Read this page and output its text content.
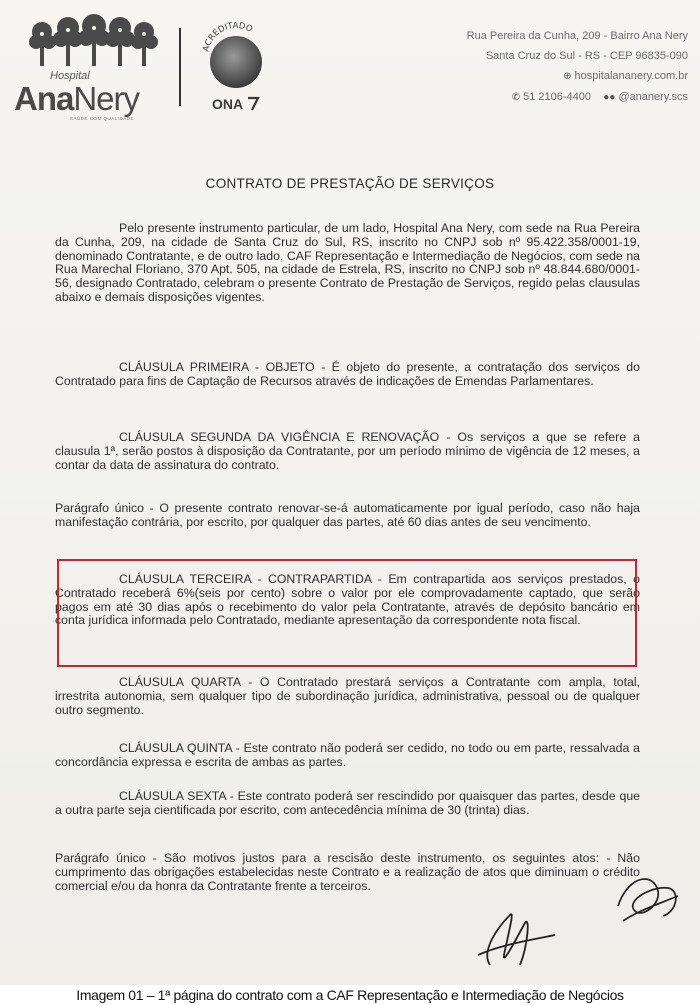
Hospital
AnaNery
SAÚDE COM QUALIDADE
ACREDITADO
ONA
Rua Pereira da Cunha, 209 - Bairro Ana Nery
Santa Cruz do Sul - RS - CEP 96835-090
⊕ hospitalananery.com.br
✆ 51 2106-4400 ●● @ananery.scs
CONTRATO DE PRESTAÇÃO DE SERVIÇOS
Pelo presente instrumento particular, de um lado, Hospital Ana Nery, com sede na Rua Pereira da Cunha, 209, na cidade de Santa Cruz do Sul, RS, inscrito no CNPJ sob nº 95.422.358/0001-19, denominado Contratante, e de outro lado, CAF Representação e Intermediação de Negócios, com sede na Rua Marechal Floriano, 370 Apt. 505, na cidade de Estrela, RS, inscrito no CNPJ sob nº 48.844.680/0001-56, designado Contratado, celebram o presente Contrato de Prestação de Serviços, regido pelas clausulas abaixo e demais disposições vigentes.
CLÁUSULA PRIMEIRA - OBJETO - É objeto do presente, a contratação dos serviços do Contratado para fins de Captação de Recursos através de indicações de Emendas Parlamentares.
CLÁUSULA SEGUNDA DA VIGÊNCIA E RENOVAÇÃO - Os serviços a que se refere a clausula 1ª, serão postos à disposição da Contratante, por um período mínimo de vigência de 12 meses, a contar da data de assinatura do contrato.
Parágrafo único - O presente contrato renovar-se-á automaticamente por igual período, caso não haja manifestação contrária, por escrito, por qualquer das partes, até 60 dias antes de seu vencimento.
CLÁUSULA TERCEIRA - CONTRAPARTIDA - Em contrapartida aos serviços prestados, o Contratado receberá 6%(seis por cento) sobre o valor por ele comprovadamente captado, que serão pagos em até 30 dias após o recebimento do valor pela Contratante, através de depósito bancário em conta jurídica informada pelo Contratado, mediante apresentação da correspondente nota fiscal.
CLÁUSULA QUARTA - O Contratado prestará serviços a Contratante com ampla, total, irrestrita autonomia, sem qualquer tipo de subordinação jurídica, administrativa, pessoal ou de qualquer outro segmento.
CLÁUSULA QUINTA - Este contrato não poderá ser cedido, no todo ou em parte, ressalvada a concordância expressa e escrita de ambas as partes.
CLÁUSULA SEXTA - Este contrato poderá ser rescindido por quaisquer das partes, desde que a outra parte seja cientificada por escrito, com antecedência mínima de 30 (trinta) dias.
Parágrafo único - São motivos justos para a rescisão deste instrumento, os seguintes atos: - Não cumprimento das obrigações estabelecidas neste Contrato e a realização de atos que diminuam o crédito comercial e/ou da honra da Contratante frente a terceiros.
Imagem 01 – 1ª página do contrato com a CAF Representação e Intermediação de Negócios
